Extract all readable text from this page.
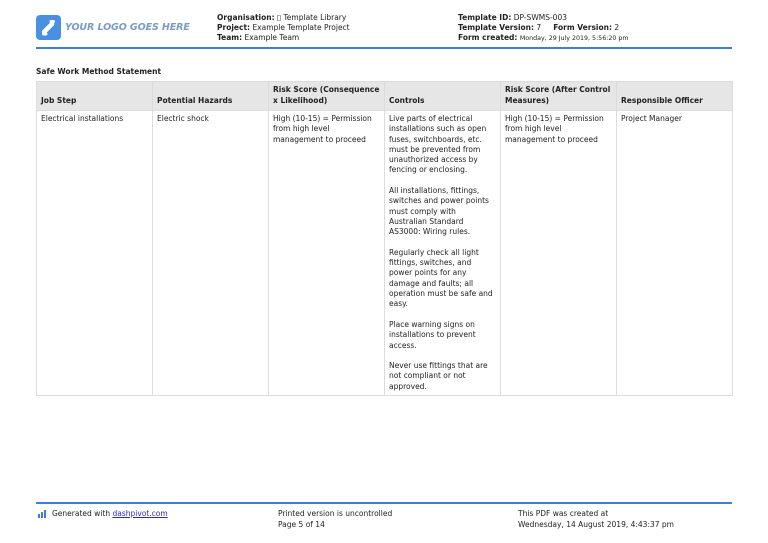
YOUR LOGO GOES HERE
Organisation: ▯ Template Library
Project: Example Template Project
Team: Example Team
Template ID: DP-SWMS-003
Template Version: 7 Form Version: 2
Form created: Monday, 29 July 2019, 5:56:20 pm
Safe Work Method Statement
Job Step	Potential Hazards	Risk Score (Consequence x Likelihood)	Controls	Risk Score (After Control Measures)	Responsible Officer
Electrical installations	Electric shock	High (10-15) = Permission from high level management to proceed	Live parts of electrical installations such as open fuses, switchboards, etc. must be prevented from unauthorized access by fencing or enclosing.
All installations, fittings, switches and power points must comply with Australian Standard AS3000: Wiring rules.
Regularly check all light fittings, switches, and power points for any damage and faults; all operation must be safe and easy.
Place warning signs on installations to prevent access.
Never use fittings that are not compliant or not approved.	High (10-15) = Permission from high level management to proceed	Project Manager
Generated with dashpivot.com	Printed version is uncontrolled
Page 5 of 14
This PDF was created at
Wednesday, 14 August 2019, 4:43:37 pm
